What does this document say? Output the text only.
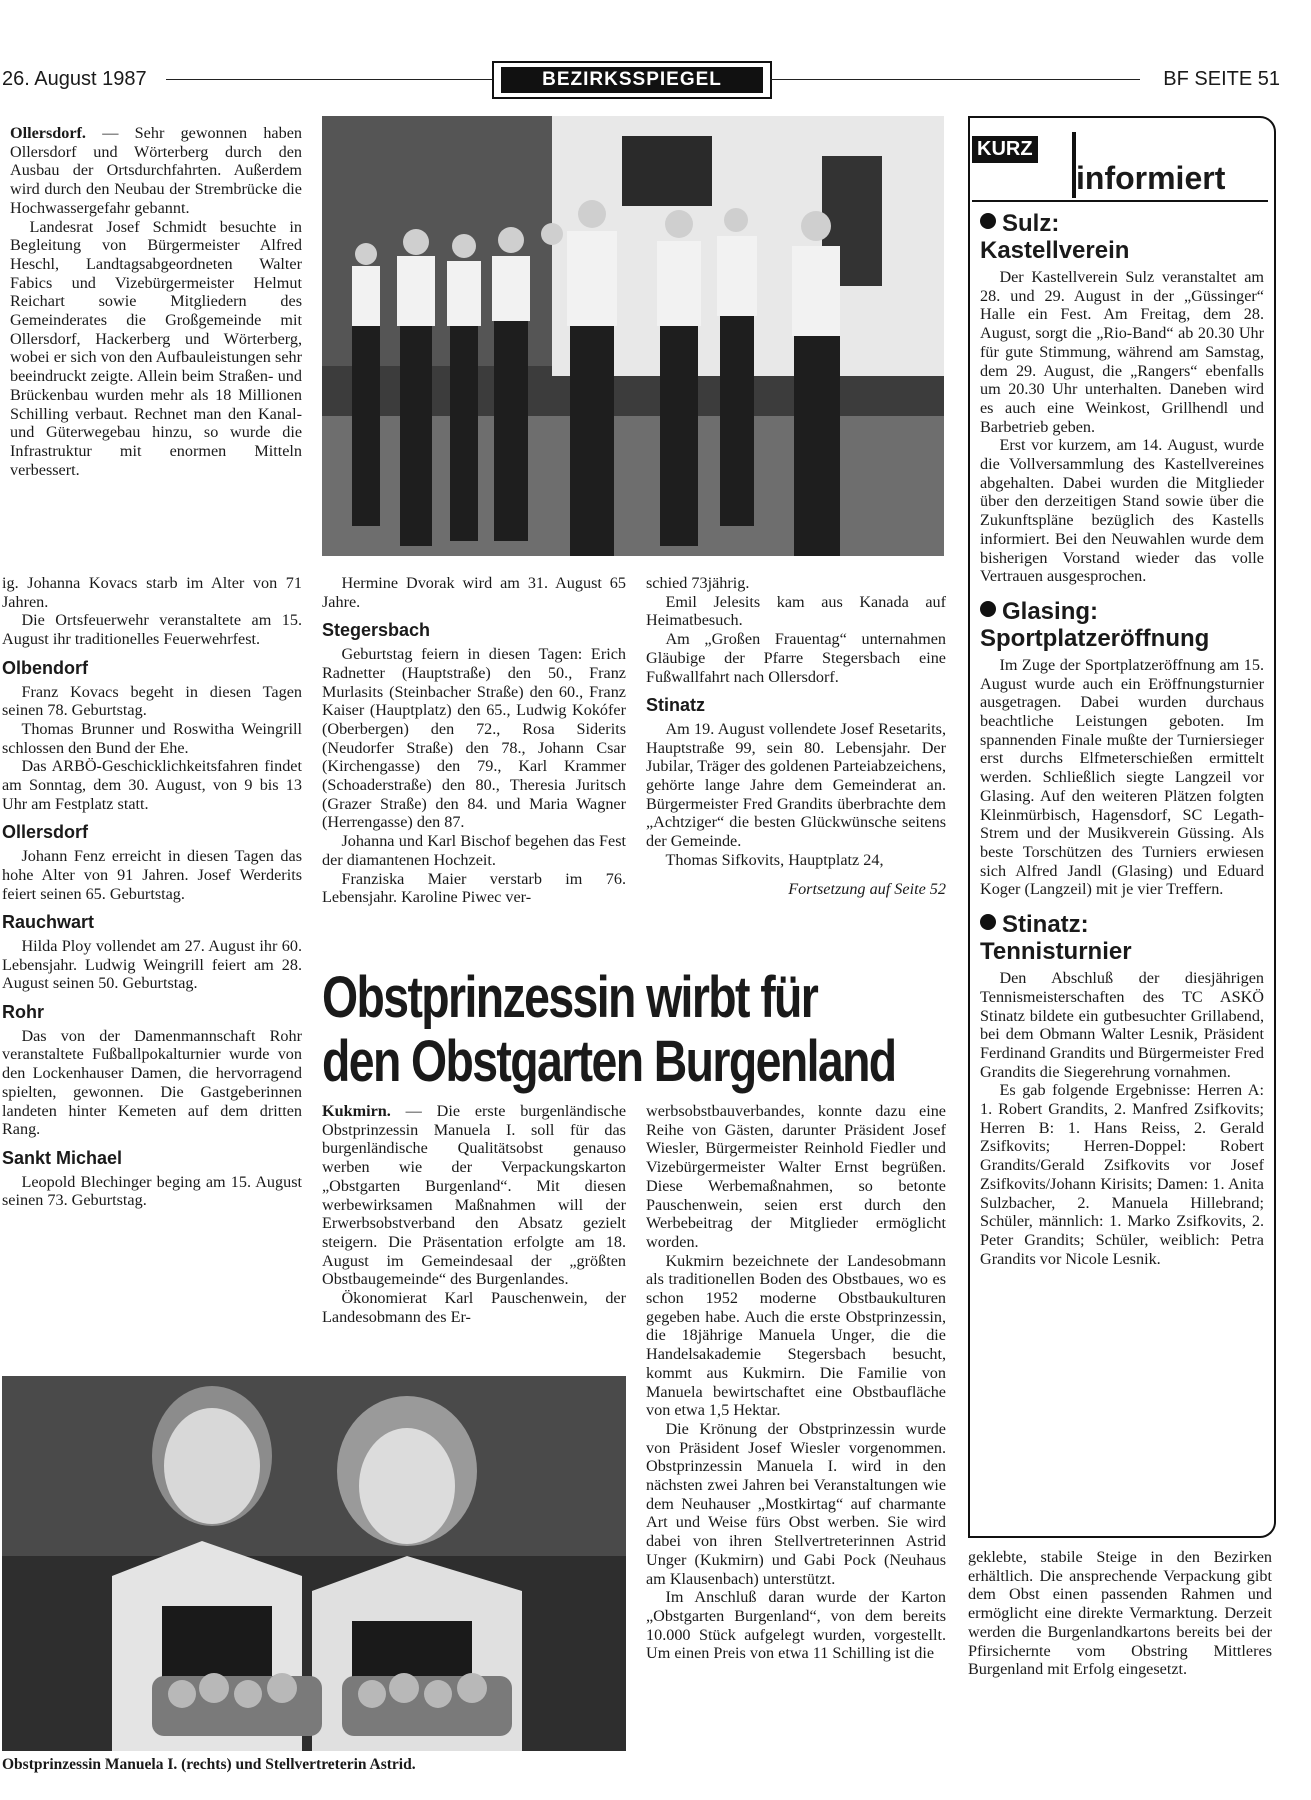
26. August 1987	BEZIRKSSPIEGEL	BF SEITE 51

Ollersdorf. — Sehr gewonnen haben Ollersdorf und Wörterberg durch den Ausbau der Ortsdurchfahrten. Außerdem wird durch den Neubau der Strembrücke die Hochwassergefahr gebannt.

Landesrat Josef Schmidt besuchte in Begleitung von Bürgermeister Alfred Heschl, Landtagsabgeordneten Walter Fabics und Vizebürgermeister Helmut Reichart sowie Mitgliedern des Gemeinderates die Großgemeinde mit Ollersdorf, Hackerberg und Wörterberg, wobei er sich von den Aufbauleistungen sehr beeindruckt zeigte. Allein beim Straßen- und Brückenbau wurden mehr als 18 Millionen Schilling verbaut. Rechnet man den Kanal- und Güterwegebau hinzu, so wurde die Infrastruktur mit enormen Mitteln verbessert.

ig. Johanna Kovacs starb im Alter von 71 Jahren.

Die Ortsfeuerwehr veranstaltete am 15. August ihr traditionelles Feuerwehrfest.

Olbendorf

Franz Kovacs begeht in diesen Tagen seinen 78. Geburtstag.

Thomas Brunner und Roswitha Weingrill schlossen den Bund der Ehe.

Das ARBÖ-Geschicklichkeitsfahren findet am Sonntag, dem 30. August, von 9 bis 13 Uhr am Festplatz statt.

Ollersdorf

Johann Fenz erreicht in diesen Tagen das hohe Alter von 91 Jahren. Josef Werderits feiert seinen 65. Geburtstag.

Rauchwart

Hilda Ploy vollendet am 27. August ihr 60. Lebensjahr. Ludwig Weingrill feiert am 28. August seinen 50. Geburtstag.

Rohr

Das von der Damenmannschaft Rohr veranstaltete Fußballpokalturnier wurde von den Lockenhauser Damen, die hervorragend spielten, gewonnen. Die Gastgeberinnen landeten hinter Kemeten auf dem dritten Rang.

Sankt Michael

Leopold Blechinger beging am 15. August seinen 73. Geburtstag.

Hermine Dvorak wird am 31. August 65 Jahre.

Stegersbach

Geburtstag feiern in diesen Tagen: Erich Radnetter (Hauptstraße) den 50., Franz Murlasits (Steinbacher Straße) den 60., Franz Kaiser (Hauptplatz) den 65., Ludwig Kokófer (Oberbergen) den 72., Rosa Siderits (Neudorfer Straße) den 78., Johann Csar (Kirchengasse) den 79., Karl Krammer (Schoaderstraße) den 80., Theresia Juritsch (Grazer Straße) den 84. und Maria Wagner (Herrengasse) den 87.

Johanna und Karl Bischof begehen das Fest der diamantenen Hochzeit.

Franziska Maier verstarb im 76. Lebensjahr. Karoline Piwec ver-

schied 73jährig.

Emil Jelesits kam aus Kanada auf Heimatbesuch.

Am „Großen Frauentag“ unternahmen Gläubige der Pfarre Stegersbach eine Fußwallfahrt nach Ollersdorf.

Stinatz

Am 19. August vollendete Josef Resetarits, Hauptstraße 99, sein 80. Lebensjahr. Der Jubilar, Träger des goldenen Parteiabzeichens, gehörte lange Jahre dem Gemeinderat an. Bürgermeister Fred Grandits überbrachte dem „Achtziger“ die besten Glückwünsche seitens der Gemeinde.

Thomas Sifkovits, Hauptplatz 24,

Fortsetzung auf Seite 52
Obstprinzessin wirbt für
den Obstgarten Burgenland

Kukmirn. — Die erste burgenländische Obstprinzessin Manuela I. soll für das burgenländische Qualitätsobst genauso werben wie der Verpackungskarton „Obstgarten Burgenland“. Mit diesen werbewirksamen Maßnahmen will der Erwerbsobstverband den Absatz gezielt steigern. Die Präsentation erfolgte am 18. August im Gemeindesaal der „größten Obstbaugemeinde“ des Burgenlandes.

Ökonomierat Karl Pauschenwein, der Landesobmann des Er-

werbsobstbauverbandes, konnte dazu eine Reihe von Gästen, darunter Präsident Josef Wiesler, Bürgermeister Reinhold Fiedler und Vizebürgermeister Walter Ernst begrüßen. Diese Werbemaßnahmen, so betonte Pauschenwein, seien erst durch den Werbebeitrag der Mitglieder ermöglicht worden.

Kukmirn bezeichnete der Landesobmann als traditionellen Boden des Obstbaues, wo es schon 1952 moderne Obstbaukulturen gegeben habe. Auch die erste Obstprinzessin, die 18jährige Manuela Unger, die die Handelsakademie Stegersbach besucht, kommt aus Kukmirn. Die Familie von Manuela bewirtschaftet eine Obstbaufläche von etwa 1,5 Hektar.

Die Krönung der Obstprinzessin wurde von Präsident Josef Wiesler vorgenommen. Obstprinzessin Manuela I. wird in den nächsten zwei Jahren bei Veranstaltungen wie dem Neuhauser „Mostkirtag“ auf charmante Art und Weise fürs Obst werben. Sie wird dabei von ihren Stellvertreterinnen Astrid Unger (Kukmirn) und Gabi Pock (Neuhaus am Klausenbach) unterstützt.

Im Anschluß daran wurde der Karton „Obstgarten Burgenland“, von dem bereits 10.000 Stück aufgelegt wurden, vorgestellt. Um einen Preis von etwa 11 Schilling ist die

Obstprinzessin Manuela I. (rechts) und Stellvertreterin Astrid.
KURZ
informiert
Sulz:
Kastellverein

Der Kastellverein Sulz veranstaltet am 28. und 29. August in der „Güssinger“ Halle ein Fest. Am Freitag, dem 28. August, sorgt die „Rio-Band“ ab 20.30 Uhr für gute Stimmung, während am Samstag, dem 29. August, die „Rangers“ ebenfalls um 20.30 Uhr unterhalten. Daneben wird es auch eine Weinkost, Grillhendl und Barbetrieb geben.

Erst vor kurzem, am 14. August, wurde die Vollversammlung des Kastellvereines abgehalten. Dabei wurden die Mitglieder über den derzeitigen Stand sowie über die Zukunftspläne bezüglich des Kastells informiert. Bei den Neuwahlen wurde dem bisherigen Vorstand wieder das volle Vertrauen ausgesprochen.

Glasing:
Sportplatzeröffnung

Im Zuge der Sportplatzeröffnung am 15. August wurde auch ein Eröffnungsturnier ausgetragen. Dabei wurden durchaus beachtliche Leistungen geboten. Im spannenden Finale mußte der Turniersieger erst durchs Elfmeterschießen ermittelt werden. Schließlich siegte Langzeil vor Glasing. Auf den weiteren Plätzen folgten Kleinmürbisch, Hagensdorf, SC Legath-Strem und der Musikverein Güssing. Als beste Torschützen des Turniers erwiesen sich Alfred Jandl (Glasing) und Eduard Koger (Langzeil) mit je vier Treffern.

Stinatz:
Tennisturnier

Den Abschluß der diesjährigen Tennismeisterschaften des TC ASKÖ Stinatz bildete ein gutbesuchter Grillabend, bei dem Obmann Walter Lesnik, Präsident Ferdinand Grandits und Bürgermeister Fred Grandits die Siegerehrung vornahmen.

Es gab folgende Ergebnisse: Herren A: 1. Robert Grandits, 2. Manfred Zsifkovits; Herren B: 1. Hans Reiss, 2. Gerald Zsifkovits; Herren-Doppel: Robert Grandits/Gerald Zsifkovits vor Josef Zsifkovits/Johann Kirisits; Damen: 1. Anita Sulzbacher, 2. Manuela Hillebrand; Schüler, männlich: 1. Marko Zsifkovits, 2. Peter Grandits; Schüler, weiblich: Petra Grandits vor Nicole Lesnik.

geklebte, stabile Steige in den Bezirken erhältlich. Die ansprechende Verpackung gibt dem Obst einen passenden Rahmen und ermöglicht eine direkte Vermarktung. Derzeit werden die Burgenlandkartons bereits bei der Pfirsichernte vom Obstring Mittleres Burgenland mit Erfolg eingesetzt.
